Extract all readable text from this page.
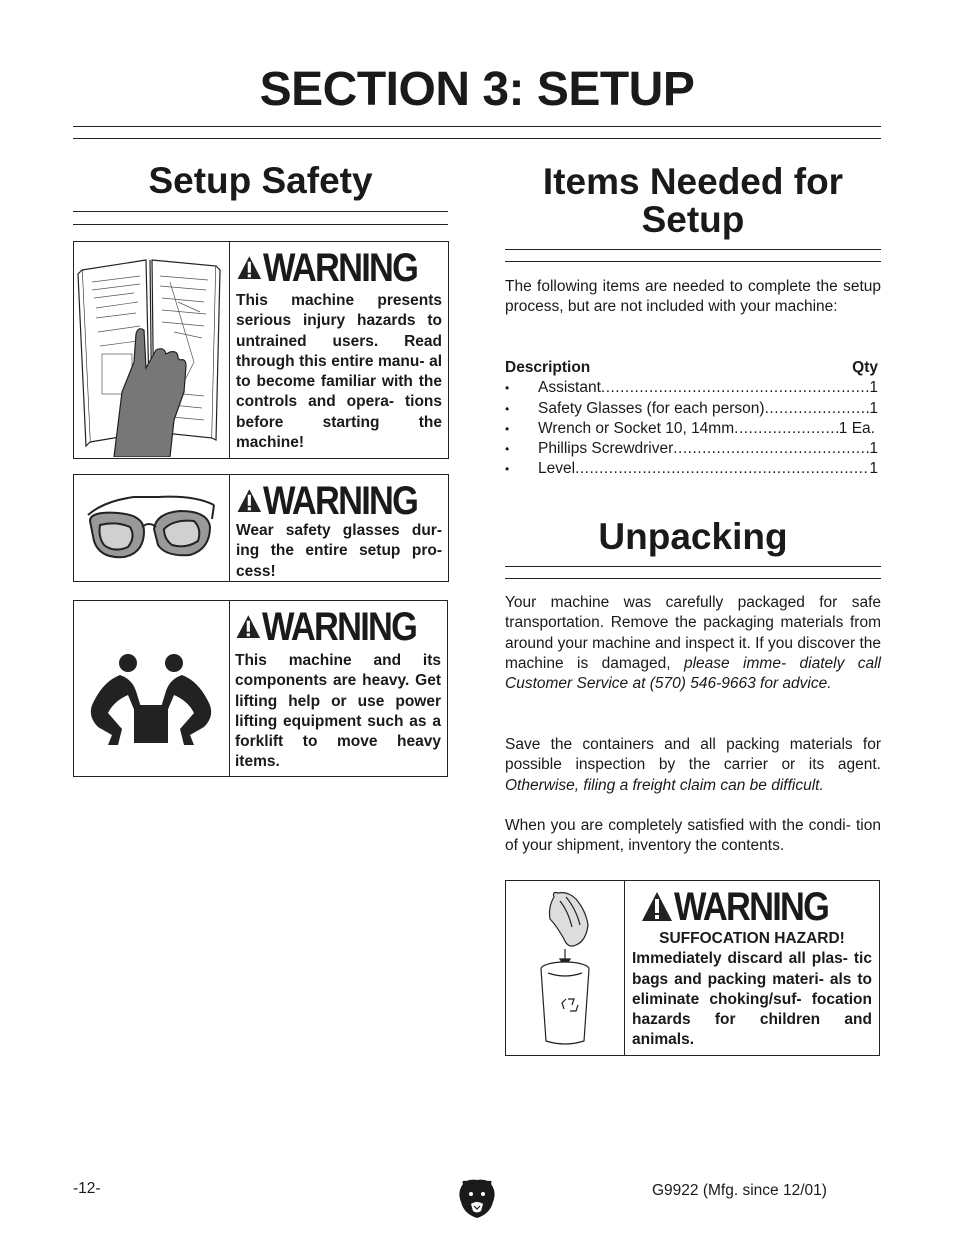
SECTION 3: SETUP
Setup Safety
WARNING
This machine presents serious injury hazards to untrained users. Read through this entire manu- al to become familiar with the controls and opera- tions before starting the machine!
WARNING
Wear safety glasses dur- ing the entire setup pro- cess!
WARNING
This machine and its components are heavy. Get lifting help or use power lifting equipment such as a forklift to move heavy items.
Items Needed for
Setup
The following items are needed to complete the setup process, but are not included with your machine:
Description	Qty
•	Assistant .....	1
•	Safety Glasses (for each person) .....	1
•	Wrench or Socket 10, 14mm .....	1 Ea.
•	Phillips Screwdriver .....	1
•	Level .....	1
Unpacking
Your machine was carefully packaged for safe transportation. Remove the packaging materials from around your machine and inspect it. If you discover the machine is damaged, please imme- diately call Customer Service at (570) 546-9663 for advice.
Save the containers and all packing materials for possible inspection by the carrier or its agent. Otherwise, filing a freight claim can be difficult.
When you are completely satisfied with the condi- tion of your shipment, inventory the contents.
WARNING
SUFFOCATION HAZARD!
Immediately discard all plas- tic bags and packing materi- als to eliminate choking/suf- focation hazards for children and animals.
-12-	G9922 (Mfg. since 12/01)
